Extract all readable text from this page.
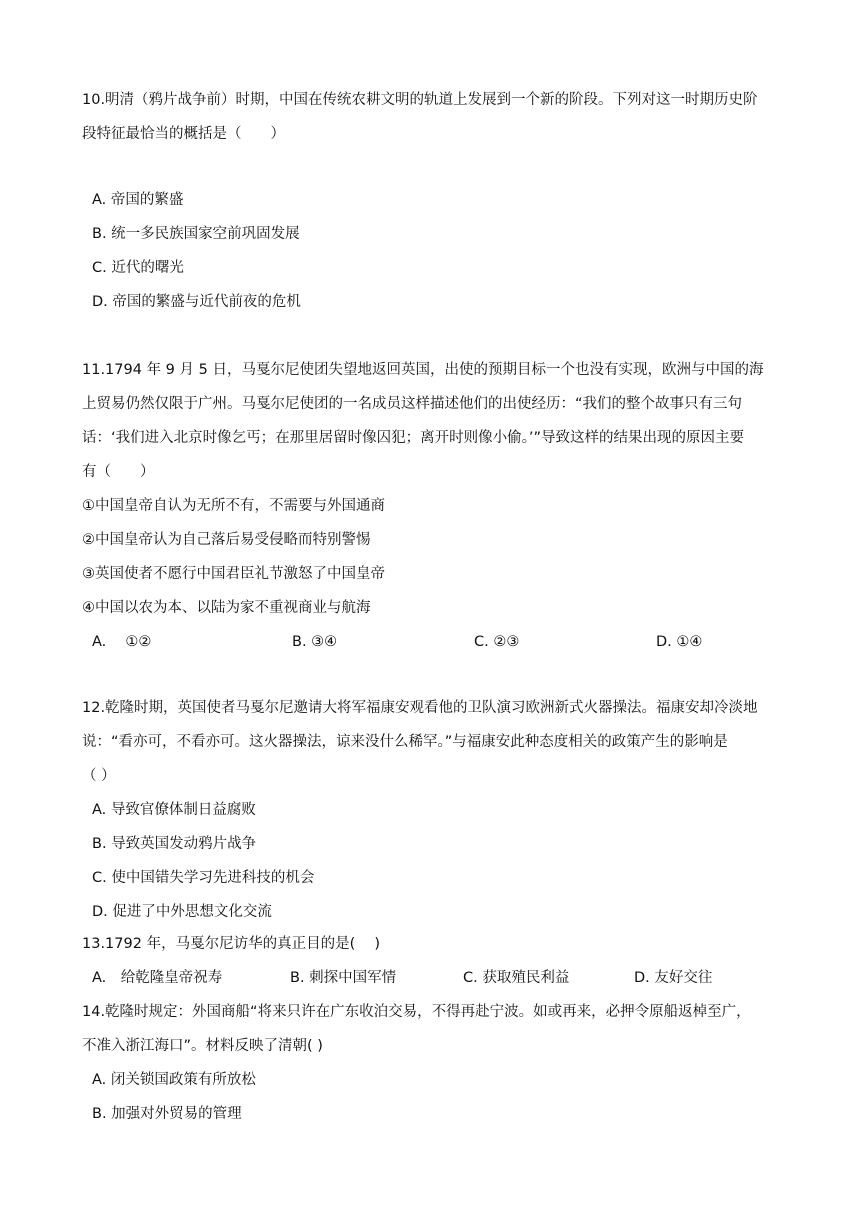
10.明清（鸦片战争前）时期，中国在传统农耕文明的轨道上发展到一个新的阶段。下列对这一时期历史阶
段特征最恰当的概括是（　　）
A. 帝国的繁盛
B. 统一多民族国家空前巩固发展
C. 近代的曙光
D. 帝国的繁盛与近代前夜的危机
11.1794 年 9 月 5 日，马戛尔尼使团失望地返回英国，出使的预期目标一个也没有实现，欧洲与中国的海
上贸易仍然仅限于广州。马戛尔尼使团的一名成员这样描述他们的出使经历：“我们的整个故事只有三句
话：‘我们进入北京时像乞丐；在那里居留时像囚犯；离开时则像小偷。’”导致这样的结果出现的原因主要
有（　　）
①中国皇帝自认为无所不有，不需要与外国通商
②中国皇帝认为自己落后易受侵略而特别警惕
③英国使者不愿行中国君臣礼节激怒了中国皇帝
④中国以农为本、以陆为家不重视商业与航海
A.　 ①②	B. ③④	C. ②③	D. ①④
12.乾隆时期，英国使者马戛尔尼邀请大将军福康安观看他的卫队演习欧洲新式火器操法。福康安却冷淡地
说：“看亦可，不看亦可。这火器操法，谅来没什么稀罕。”与福康安此种态度相关的政策产生的影响是
（ ）
A. 导致官僚体制日益腐败
B. 导致英国发动鸦片战争
C. 使中国错失学习先进科技的机会
D. 促进了中外思想文化交流
13.1792 年，马戛尔尼访华的真正目的是(　 )
A.　给乾隆皇帝祝寿	B. 刺探中国军情	C. 获取殖民利益	D. 友好交往
14.乾隆时规定：外国商船“将来只许在广东收泊交易，不得再赴宁波。如或再来，必押令原船返棹至广，
不准入浙江海口”。材料反映了清朝( )
A. 闭关锁国政策有所放松
B. 加强对外贸易的管理
